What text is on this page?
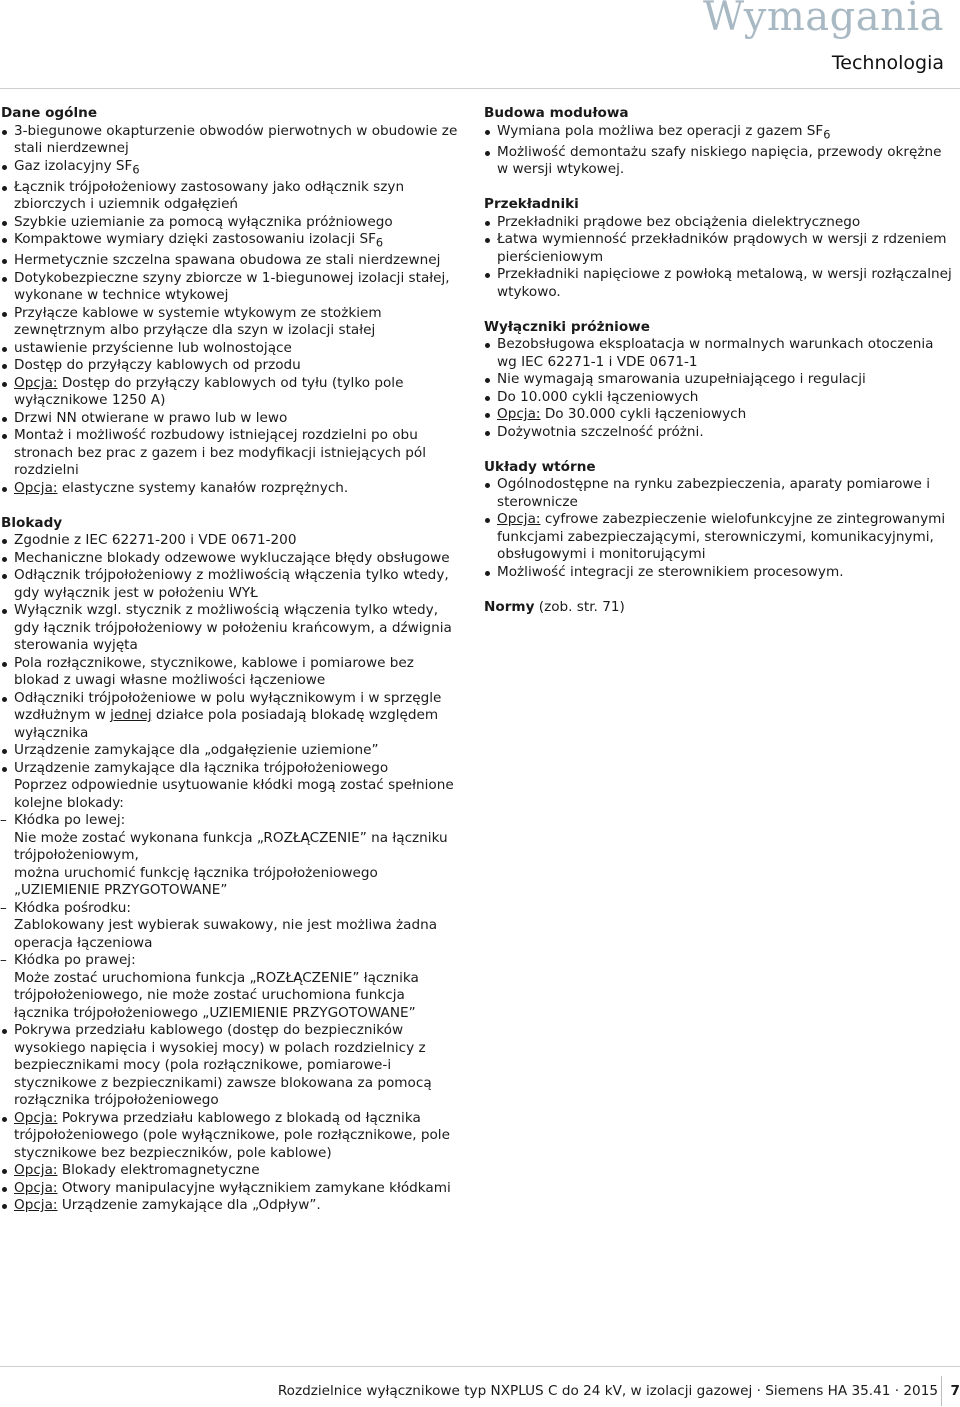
Wymagania
Technologia

Dane ogólne

3-biegunowe okapturzenie obwodów pierwotnych w obudowie ze stali nierdzewnej
Gaz izolacyjny $SF_6$
Łącznik trójpołożeniowy zastosowany jako odłącznik szyn zbiorczych i uziemnik odgałęzień
Szybkie uziemianie za pomocą wyłącznika próżniowego
Kompaktowe wymiary dzięki zastosowaniu izolacji $SF_6$
Hermetycznie szczelna spawana obudowa ze stali nierdzewnej
Dotykobezpieczne szyny zbiorcze w 1-biegunowej izolacji stałej, wykonane w technice wtykowej
Przyłącze kablowe w systemie wtykowym ze stożkiem zewnętrznym albo przyłącze dla szyn w izolacji stałej
ustawienie przyścienne lub wolnostojące
Dostęp do przyłączy kablowych od przodu
Opcja: Dostęp do przyłączy kablowych od tyłu (tylko pole wyłącznikowe 1250 A)
Drzwi NN otwierane w prawo lub w lewo
Montaż i możliwość rozbudowy istniejącej rozdzielni po obu stronach bez prac z gazem i bez modyfikacji istniejących pól rozdzielni
Opcja: elastyczne systemy kanałów rozprężnych.

Blokady

Zgodnie z IEC 62271-200 i VDE 0671-200
Mechaniczne blokady odzewowe wykluczające błędy obsługowe
Odłącznik trójpołożeniowy z możliwością włączenia tylko wtedy, gdy wyłącznik jest w położeniu WYŁ
Wyłącznik wzgl. stycznik z możliwością włączenia tylko wtedy, gdy łącznik trójpołożeniowy w położeniu krańcowym, a dźwignia sterowania wyjęta
Pola rozłącznikowe, stycznikowe, kablowe i pomiarowe bez blokad z uwagi własne możliwości łączeniowe
Odłączniki trójpołożeniowe w polu wyłącznikowym i w sprzęgle wzdłużnym w jednej działce pola posiadają blokadę względem wyłącznika
Urządzenie zamykające dla „odgałęzienie uziemione”
Urządzenie zamykające dla łącznika trójpołożeniowego
Poprzez odpowiednie usytuowanie kłódki mogą zostać spełnione kolejne blokady:
– Kłódka po lewej:
Nie może zostać wykonana funkcja „ROZŁĄCZENIE” na łączniku trójpołożeniowym,
można uruchomić funkcję łącznika trójpołożeniowego „UZIEMIENIE PRZYGOTOWANE”
– Kłódka pośrodku:
Zablokowany jest wybierak suwakowy, nie jest możliwa żadna operacja łączeniowa
– Kłódka po prawej:
Może zostać uruchomiona funkcja „ROZŁĄCZENIE” łącznika trójpołożeniowego, nie może zostać uruchomiona funkcja łącznika trójpołożeniowego „UZIEMIENIE PRZYGOTOWANE”
Pokrywa przedziału kablowego (dostęp do bezpieczników wysokiego napięcia i wysokiej mocy) w polach rozdzielnicy z bezpiecznikami mocy (pola rozłącznikowe, pomiarowe-i stycznikowe z bezpiecznikami) zawsze blokowana za pomocą rozłącznika trójpołożeniowego
Opcja: Pokrywa przedziału kablowego z blokadą od łącznika trójpołożeniowego (pole wyłącznikowe, pole rozłącznikowe, pole stycznikowe bez bezpieczników, pole kablowe)
Opcja: Blokady elektromagnetyczne
Opcja: Otwory manipulacyjne wyłącznikiem zamykane kłódkami
Opcja: Urządzenie zamykające dla „Odpływ”.

Budowa modułowa

Wymiana pola możliwa bez operacji z gazem $SF_6$
Możliwość demontażu szafy niskiego napięcia, przewody okrężne w wersji wtykowej.

Przekładniki

Przekładniki prądowe bez obciążenia dielektrycznego
Łatwa wymienność przekładników prądowych w wersji z rdzeniem pierścieniowym
Przekładniki napięciowe z powłoką metalową, w wersji rozłączalnej wtykowo.

Wyłączniki próżniowe

Bezobsługowa eksploatacja w normalnych warunkach otoczenia wg IEC 62271-1 i VDE 0671-1
Nie wymagają smarowania uzupełniającego i regulacji
Do 10.000 cykli łączeniowych
Opcja: Do 30.000 cykli łączeniowych
Dożywotnia szczelność próżni.

Układy wtórne

Ogólnodostępne na rynku zabezpieczenia, aparaty pomiarowe i sterownicze
Opcja: cyfrowe zabezpieczenie wielofunkcyjne ze zintegrowanymi funkcjami zabezpieczającymi, sterowniczymi, komunikacyjnymi, obsługowymi i monitorującymi
Możliwość integracji ze sterownikiem procesowym.
Normy (zob. str. 71)
Rozdzielnice wyłącznikowe typ NXPLUS C do 24 kV, w izolacji gazowej · Siemens HA 35.41 · 2015 7
